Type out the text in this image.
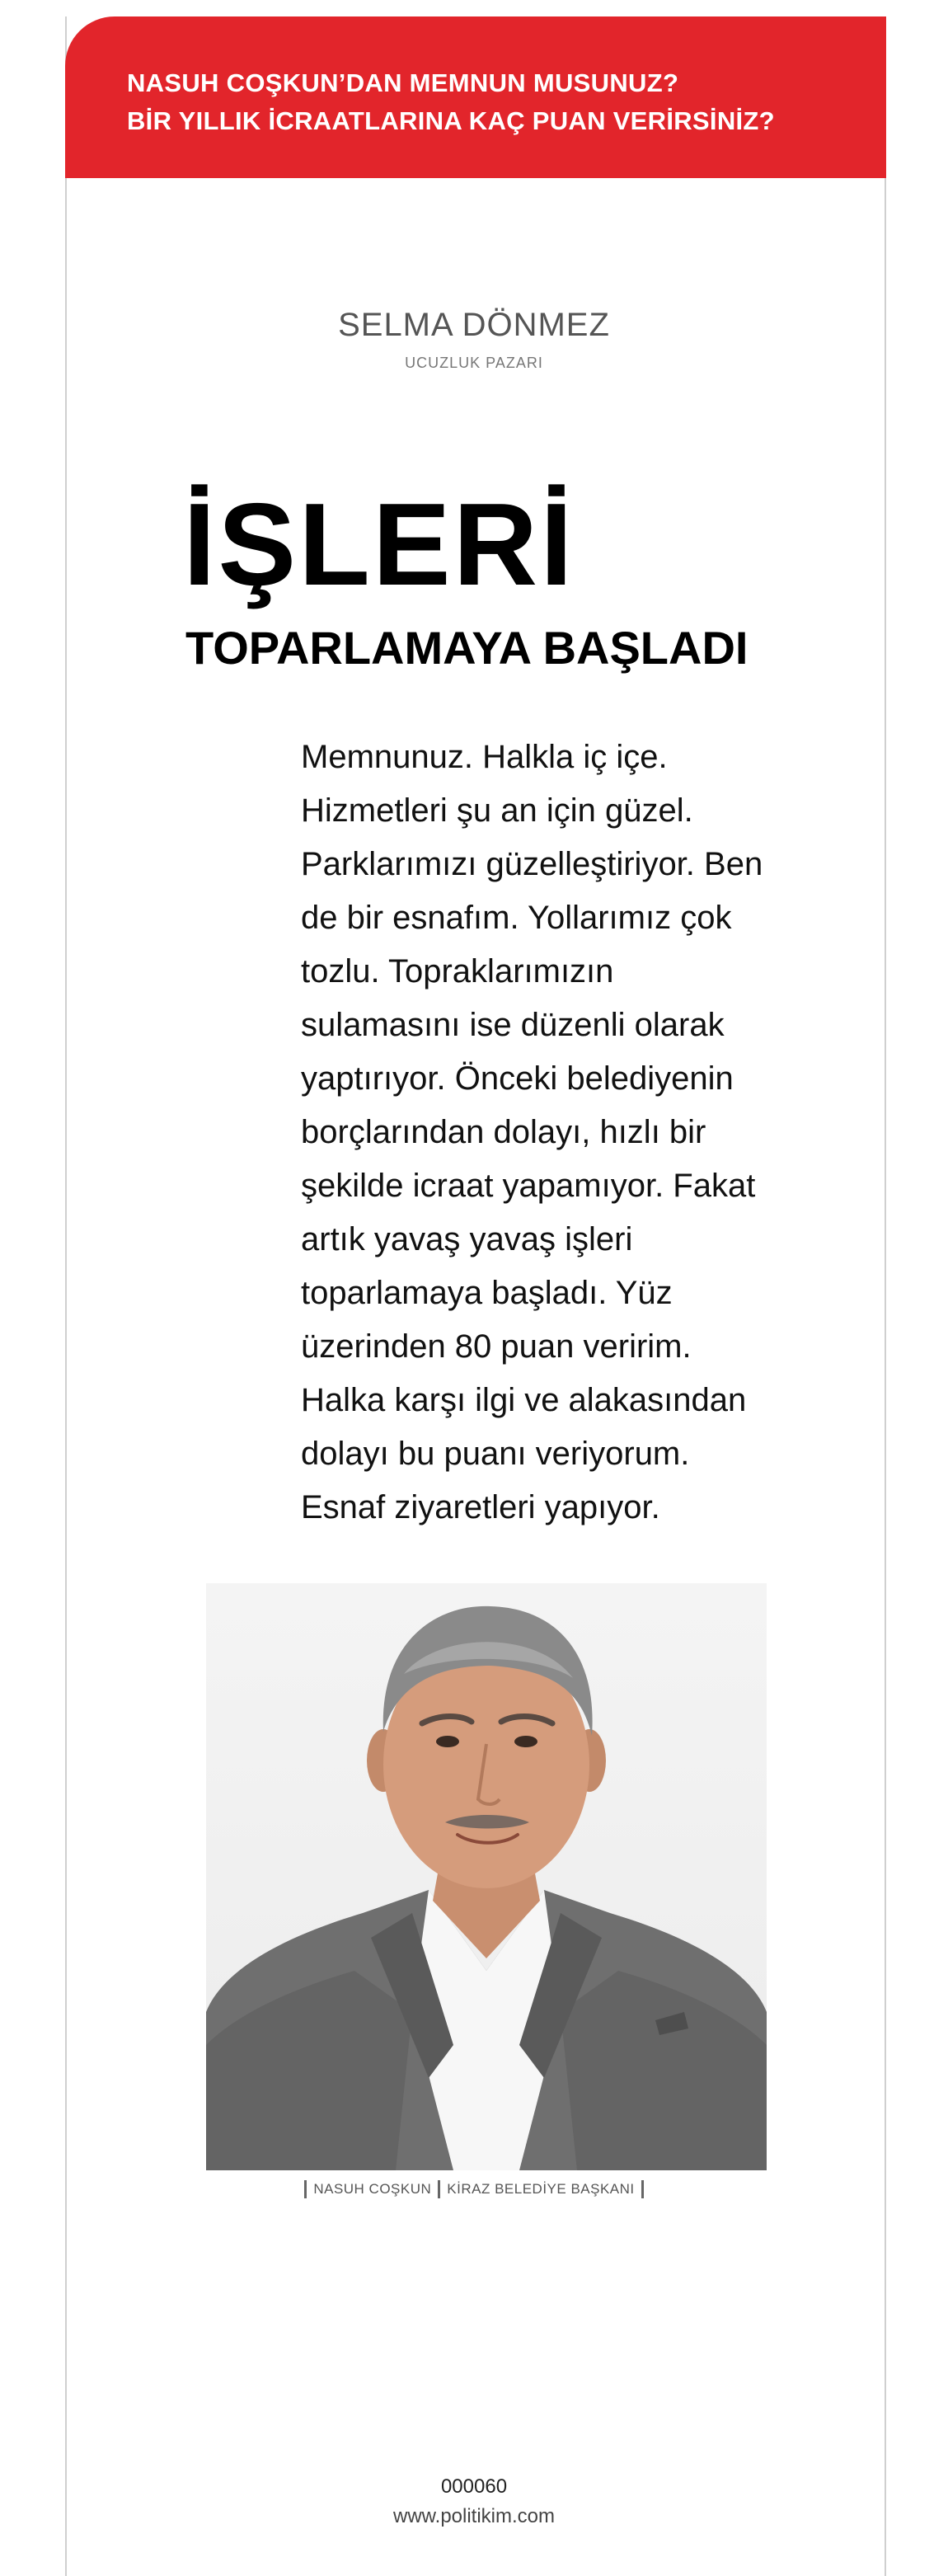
NASUH COŞKUN’DAN MEMNUN MUSUNUZ?
BİR YILLIK İCRAATLARINA KAÇ PUAN VERİRSİNİZ?
SELMA DÖNMEZ
UCUZLUK PAZARI
İŞLERİ
TOPARLAMAYA BAŞLADI
Memnunuz. Halkla iç içe.
Hizmetleri şu an için güzel.
Parklarımızı güzelleştiriyor. Ben
de bir esnafım. Yollarımız çok
tozlu. Topraklarımızın
sulamasını ise düzenli olarak
yaptırıyor. Önceki belediyenin
borçlarından dolayı, hızlı bir
şekilde icraat yapamıyor. Fakat
artık yavaş yavaş işleri
toparlamaya başladı. Yüz
üzerinden 80 puan veririm.
Halka karşı ilgi ve alakasından
dolayı bu puanı veriyorum.
Esnaf ziyaretleri yapıyor.
NASUH COŞKUN KİRAZ BELEDİYE BAŞKANI
000060
www.politikim.com
